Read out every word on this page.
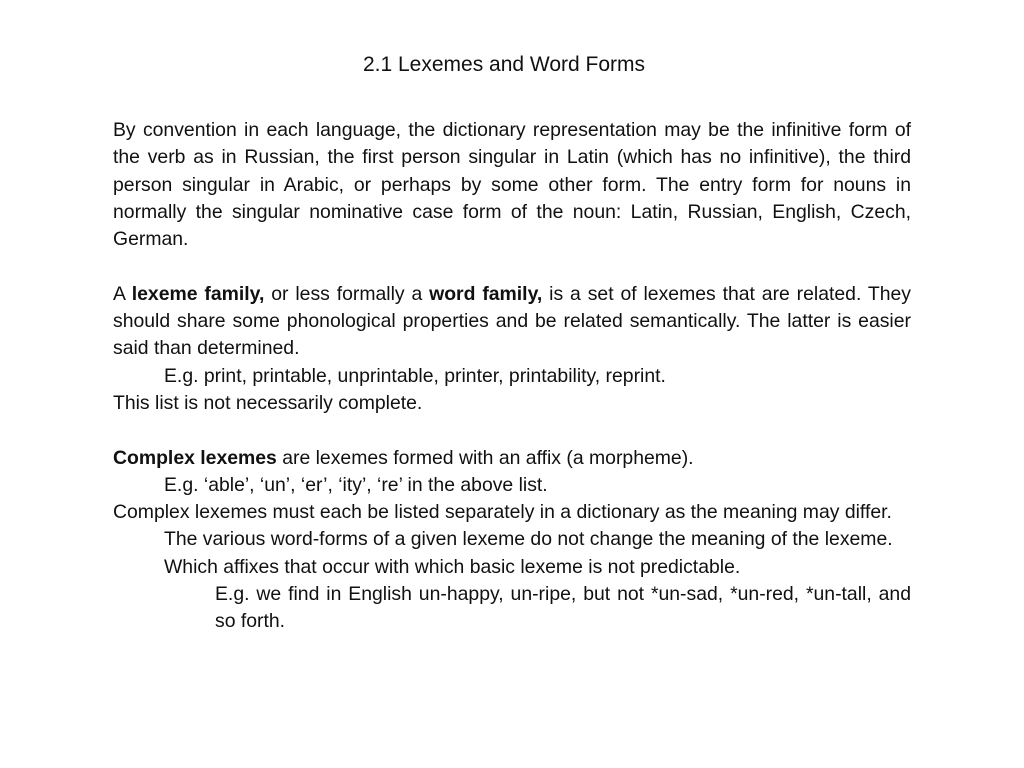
2.1 Lexemes and Word Forms

By convention in each language, the dictionary representation may be the infinitive form of the verb as in Russian, the first person singular in Latin (which has no infinitive), the third person singular in Arabic, or perhaps by some other form. The entry form for nouns in normally the singular nominative case form of the noun: Latin, Russian, English, Czech, German.

A lexeme family, or less formally a word family, is a set of lexemes that are related. They should share some phonological properties and be related semantically. The latter is easier said than determined.

E.g. print, printable, unprintable, printer, printability, reprint.

This list is not necessarily complete.

Complex lexemes are lexemes formed with an affix (a morpheme).

E.g. ‘able’, ‘un’, ‘er’, ‘ity’, ‘re’ in the above list.

Complex lexemes must each be listed separately in a dictionary as the meaning may differ.

The various word-forms of a given lexeme do not change the meaning of the lexeme.

Which affixes that occur with which basic lexeme is not predictable.

E.g. we find in English un-happy, un-ripe, but not *un-sad, *un-red, *un-tall, and so forth.
